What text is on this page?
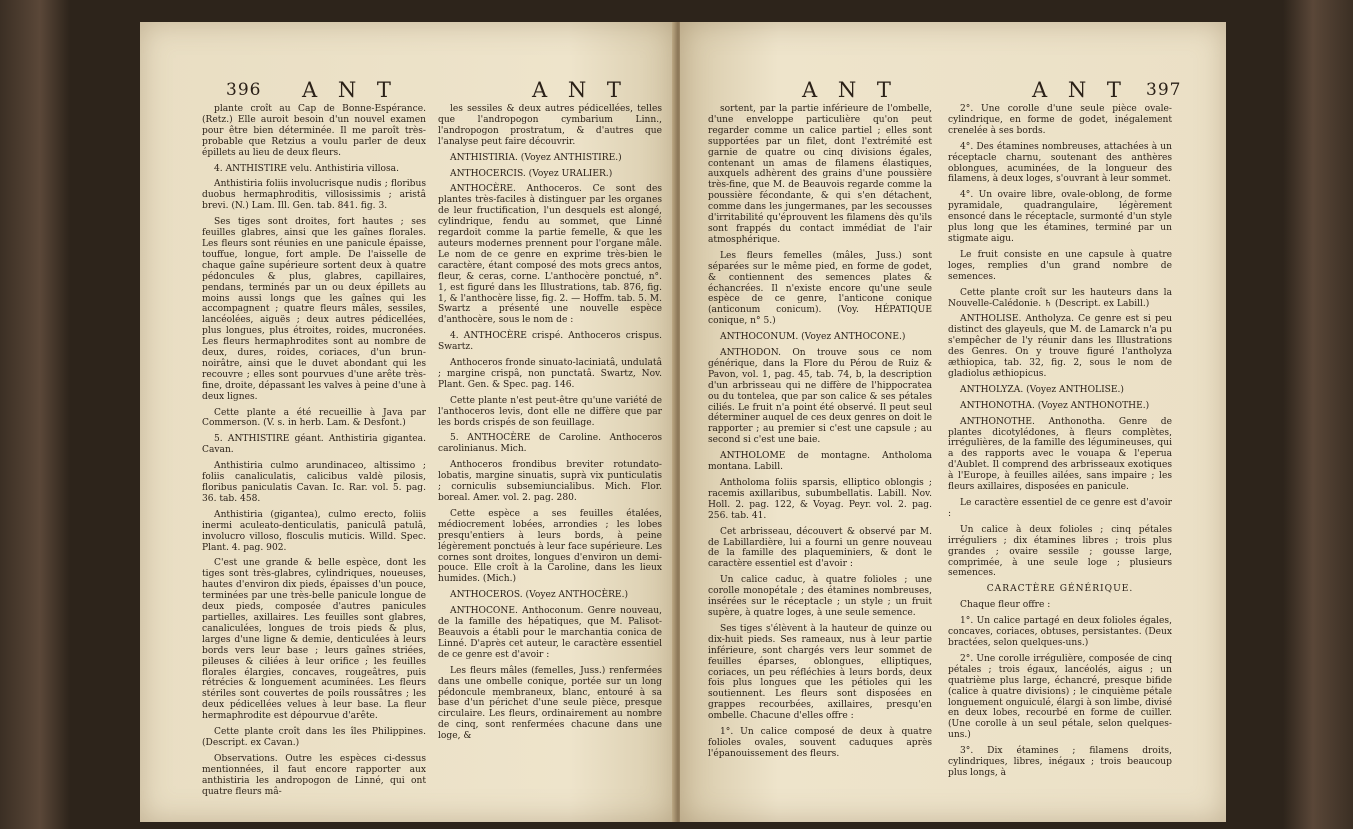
396 A N T	A N T

plante croît au Cap de Bonne-Espérance. (Retz.) Elle auroit besoin d'un nouvel examen pour être bien déterminée. Il me paroît très-probable que Retzius a voulu parler de deux épillets au lieu de deux fleurs.

4. ANTHISTIRE velu. Anthistiria villosa.

Anthistiria foliis involucrisque nudis ; floribus duobus hermaphroditis, villosissimis ; aristâ brevi. (N.) Lam. Ill. Gen. tab. 841. fig. 3.

Ses tiges sont droites, fort hautes ; ses feuilles glabres, ainsi que les gaînes florales. Les fleurs sont réunies en une panicule épaisse, touffue, longue, fort ample. De l'aisselle de chaque gaîne supérieure sortent deux à quatre pédoncules & plus, glabres, capillaires, pendans, terminés par un ou deux épillets au moins aussi longs que les gaînes qui les accompagnent ; quatre fleurs mâles, sessiles, lancéolées, aiguës ; deux autres pédicellées, plus longues, plus étroites, roides, mucronées. Les fleurs hermaphrodites sont au nombre de deux, dures, roides, coriaces, d'un brun-noirâtre, ainsi que le duvet abondant qui les recouvre ; elles sont pourvues d'une arête très-fine, droite, dépassant les valves à peine d'une à deux lignes.

Cette plante a été recueillie à Java par Commerson. (V. s. in herb. Lam. & Desfont.)

5. ANTHISTIRE géant. Anthistiria gigantea. Cavan.

Anthistiria culmo arundinaceo, altissimo ; foliis canaliculatis, calicibus valdè pilosis, floribus paniculatis Cavan. Ic. Rar. vol. 5. pag. 36. tab. 458.

Anthistiria (gigantea), culmo erecto, foliis inermi aculeato-denticulatis, paniculâ patulâ, involucro villoso, flosculis muticis. Willd. Spec. Plant. 4. pag. 902.

C'est une grande & belle espèce, dont les tiges sont très-glabres, cylindriques, noueuses, hautes d'environ dix pieds, épaisses d'un pouce, terminées par une très-belle panicule longue de deux pieds, composée d'autres panicules partielles, axillaires. Les feuilles sont glabres, canaliculées, longues de trois pieds & plus, larges d'une ligne & demie, denticulées à leurs bords vers leur base ; leurs gaînes striées, pileuses & ciliées à leur orifice ; les feuilles florales élargies, concaves, rougeâtres, puis rétrécies & longuement acuminées. Les fleurs stériles sont couvertes de poils roussâtres ; les deux pédicellées velues à leur base. La fleur hermaphrodite est dépourvue d'arête.

Cette plante croît dans les îles Philippines. (Descript. ex Cavan.)

Observations. Outre les espèces ci-dessus mentionnées, il faut encore rapporter aux anthistiria les andropogon de Linné, qui ont quatre fleurs mâ-

les sessiles & deux autres pédicellées, telles que l'andropogon cymbarium Linn., l'andropogon prostratum, & d'autres que l'analyse peut faire découvrir.

ANTHISTIRIA. (Voyez ANTHISTIRE.)

ANTHOCERCIS. (Voyez URALIER.)

ANTHOCÈRE. Anthoceros. Ce sont des plantes très-faciles à distinguer par les organes de leur fructification, l'un desquels est alongé, cylindrique, fendu au sommet, que Linné regardoit comme la partie femelle, & que les auteurs modernes prennent pour l'organe mâle. Le nom de ce genre en exprime très-bien le caractère, étant composé des mots grecs antos, fleur, & ceras, corne. L'anthocère ponctué, n°. 1, est figuré dans les Illustrations, tab. 876, fig. 1, & l'anthocère lisse, fig. 2. — Hoffm. tab. 5. M. Swartz a présenté une nouvelle espèce d'anthocère, sous le nom de :

4. ANTHOCÈRE crispé. Anthoceros crispus. Swartz.

Anthoceros fronde sinuato-laciniatâ, undulatâ ; margine crispâ, non punctatâ. Swartz, Nov. Plant. Gen. & Spec. pag. 146.

Cette plante n'est peut-être qu'une variété de l'anthoceros levis, dont elle ne diffère que par les bords crispés de son feuillage.

5. ANTHOCÈRE de Caroline. Anthoceros carolinianus. Mich.

Anthoceros frondibus breviter rotundato-lobatis, margine sinuatis, suprà vix punticulatis ; corniculis subsemiuncialibus. Mich. Flor. boreal. Amer. vol. 2. pag. 280.

Cette espèce a ses feuilles étalées, médiocrement lobées, arrondies ; les lobes presqu'entiers à leurs bords, à peine légèrement ponctués à leur face supérieure. Les cornes sont droites, longues d'environ un demi-pouce. Elle croît à la Caroline, dans les lieux humides. (Mich.)

ANTHOCEROS. (Voyez ANTHOCÈRE.)

ANTHOCONE. Anthoconum. Genre nouveau, de la famille des hépatiques, que M. Palisot-Beauvois a établi pour le marchantia conica de Linné. D'après cet auteur, le caractère essentiel de ce genre est d'avoir :

Les fleurs mâles (femelles, Juss.) renfermées dans une ombelle conique, portée sur un long pédoncule membraneux, blanc, entouré à sa base d'un périchet d'une seule pièce, presque circulaire. Les fleurs, ordinairement au nombre de cinq, sont renfermées chacune dans une loge, &

A N T	A N T 397

sortent, par la partie inférieure de l'ombelle, d'une enveloppe particulière qu'on peut regarder comme un calice partiel ; elles sont supportées par un filet, dont l'extrémité est garnie de quatre ou cinq divisions égales, contenant un amas de filamens élastiques, auxquels adhèrent des grains d'une poussière très-fine, que M. de Beauvois regarde comme la poussière fécondante, & qui s'en détachent, comme dans les jungermanes, par les secousses d'irritabilité qu'éprouvent les filamens dès qu'ils sont frappés du contact immédiat de l'air atmosphérique.

Les fleurs femelles (mâles, Juss.) sont séparées sur le même pied, en forme de godet, & contiennent des semences plates & échancrées. Il n'existe encore qu'une seule espèce de ce genre, l'anticone conique (anticonum conicum). (Voy. HÉPATIQUE conique, n° 5.)

ANTHOCONUM. (Voyez ANTHOCONE.)

ANTHODON. On trouve sous ce nom générique, dans la Flore du Pérou de Ruiz & Pavon, vol. 1, pag. 45, tab. 74, b, la description d'un arbrisseau qui ne diffère de l'hippocratea ou du tontelea, que par son calice & ses pétales ciliés. Le fruit n'a point été observé. Il peut seul déterminer auquel de ces deux genres on doit le rapporter ; au premier si c'est une capsule ; au second si c'est une baie.

ANTHOLOME de montagne. Antholoma montana. Labill.

Antholoma foliis sparsis, elliptico oblongis ; racemis axillaribus, subumbellatis. Labill. Nov. Holl. 2. pag. 122, & Voyag. Peyr. vol. 2. pag. 256. tab. 41.

Cet arbrisseau, découvert & observé par M. de Labillardière, lui a fourni un genre nouveau de la famille des plaqueminiers, & dont le caractère essentiel est d'avoir :

Un calice caduc, à quatre folioles ; une corolle monopétale ; des étamines nombreuses, insérées sur le réceptacle ; un style ; un fruit supère, à quatre loges, à une seule semence.

Ses tiges s'élèvent à la hauteur de quinze ou dix-huit pieds. Ses rameaux, nus à leur partie inférieure, sont chargés vers leur sommet de feuilles éparses, oblongues, elliptiques, coriaces, un peu réfléchies à leurs bords, deux fois plus longues que les pétioles qui les soutiennent. Les fleurs sont disposées en grappes recourbées, axillaires, presqu'en ombelle. Chacune d'elles offre :

1°. Un calice composé de deux à quatre folioles ovales, souvent caduques après l'épanouissement des fleurs.

2°. Une corolle d'une seule pièce ovale-cylindrique, en forme de godet, inégalement crenelée à ses bords.

4°. Des étamines nombreuses, attachées à un réceptacle charnu, soutenant des anthères oblongues, acuminées, de la longueur des filamens, à deux loges, s'ouvrant à leur sommet.

4°. Un ovaire libre, ovale-oblong, de forme pyramidale, quadrangulaire, légèrement ensoncé dans le réceptacle, surmonté d'un style plus long que les étamines, terminé par un stigmate aigu.

Le fruit consiste en une capsule à quatre loges, remplies d'un grand nombre de semences.

Cette plante croît sur les hauteurs dans la Nouvelle-Calédonie. ♄ (Descript. ex Labill.)

ANTHOLISE. Antholyza. Ce genre est si peu distinct des glayeuls, que M. de Lamarck n'a pu s'empêcher de l'y réunir dans les Illustrations des Genres. On y trouve figuré l'antholyza æthiopica, tab. 32, fig. 2, sous le nom de gladiolus æthiopicus.

ANTHOLYZA. (Voyez ANTHOLISE.)

ANTHONOTHA. (Voyez ANTHONOTHE.)

ANTHONOTHE. Anthonotha. Genre de plantes dicotylédones, à fleurs complètes, irrégulières, de la famille des légumineuses, qui a des rapports avec le vouapa & l'eperua d'Aublet. Il comprend des arbrisseaux exotiques à l'Europe, à feuilles ailées, sans impaire ; les fleurs axillaires, disposées en panicule.

Le caractère essentiel de ce genre est d'avoir :

Un calice à deux folioles ; cinq pétales irréguliers ; dix étamines libres ; trois plus grandes ; ovaire sessile ; gousse large, comprimée, à une seule loge ; plusieurs semences.

CARACTÈRE GÉNÉRIQUE.

Chaque fleur offre :

1°. Un calice partagé en deux folioles égales, concaves, coriaces, obtuses, persistantes. (Deux bractées, selon quelques-uns.)

2°. Une corolle irrégulière, composée de cinq pétales ; trois égaux, lancéolés, aigus ; un quatrième plus large, échancré, presque bifide (calice à quatre divisions) ; le cinquième pétale longuement onguiculé, élargi à son limbe, divisé en deux lobes, recourbé en forme de cuiller. (Une corolle à un seul pétale, selon quelques-uns.)

3°. Dix étamines ; filamens droits, cylindriques, libres, inégaux ; trois beaucoup plus longs, à
